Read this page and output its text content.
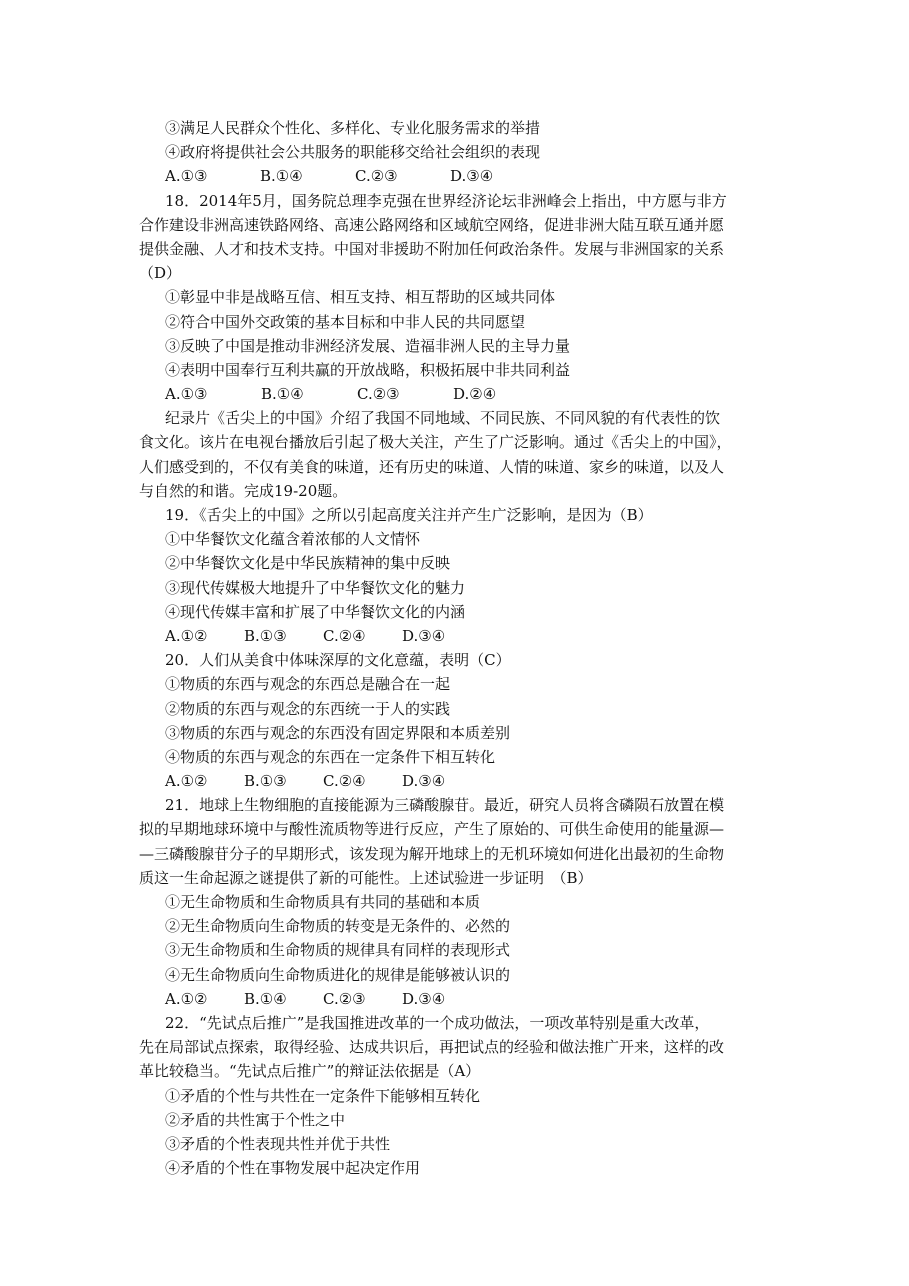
③满足人民群众个性化、多样化、专业化服务需求的举措
④政府将提供社会公共服务的职能移交给社会组织的表现
A.①③	B.①④	C.②③	D.③④
18．2014年5月，国务院总理李克强在世界经济论坛非洲峰会上指出，中方愿与非方
合作建设非洲高速铁路网络、高速公路网络和区域航空网络，促进非洲大陆互联互通并愿
提供金融、人才和技术支持。中国对非援助不附加任何政治条件。发展与非洲国家的关系
（D）
①彰显中非是战略互信、相互支持、相互帮助的区域共同体
②符合中国外交政策的基本目标和中非人民的共同愿望
③反映了中国是推动非洲经济发展、造福非洲人民的主导力量
④表明中国奉行互利共赢的开放战略，积极拓展中非共同利益
A.①③	B.①④	C.②③	D.②④
纪录片《舌尖上的中国》介绍了我国不同地域、不同民族、不同风貌的有代表性的饮
食文化。该片在电视台播放后引起了极大关注，产生了广泛影响。通过《舌尖上的中国》，
人们感受到的，不仅有美食的味道，还有历史的味道、人情的味道、家乡的味道，以及人
与自然的和谐。完成19-20题。
19．《舌尖上的中国》之所以引起高度关注并产生广泛影响，是因为（B）
①中华餐饮文化蕴含着浓郁的人文情怀
②中华餐饮文化是中华民族精神的集中反映
③现代传媒极大地提升了中华餐饮文化的魅力
④现代传媒丰富和扩展了中华餐饮文化的内涵
A.①②	B.①③	C.②④	D.③④
20．人们从美食中体味深厚的文化意蕴，表明（C）
①物质的东西与观念的东西总是融合在一起
②物质的东西与观念的东西统一于人的实践
③物质的东西与观念的东西没有固定界限和本质差别
④物质的东西与观念的东西在一定条件下相互转化
A.①②	B.①③	C.②④	D.③④
21．地球上生物细胞的直接能源为三磷酸腺苷。最近，研究人员将含磷陨石放置在模
拟的早期地球环境中与酸性流质物等进行反应，产生了原始的、可供生命使用的能量源—
—三磷酸腺苷分子的早期形式，该发现为解开地球上的无机环境如何进化出最初的生命物
质这一生命起源之谜提供了新的可能性。上述试验进一步证明　（B）
①无生命物质和生命物质具有共同的基础和本质
②无生命物质向生命物质的转变是无条件的、必然的
③无生命物质和生命物质的规律具有同样的表现形式
④无生命物质向生命物质进化的规律是能够被认识的
A.①②	B.①④	C.②③	D.③④
22．“先试点后推广”是我国推进改革的一个成功做法，一项改革特别是重大改革，
先在局部试点探索，取得经验、达成共识后，再把试点的经验和做法推广开来，这样的改
革比较稳当。“先试点后推广”的辩证法依据是（A）
①矛盾的个性与共性在一定条件下能够相互转化
②矛盾的共性寓于个性之中
③矛盾的个性表现共性并优于共性
④矛盾的个性在事物发展中起决定作用
